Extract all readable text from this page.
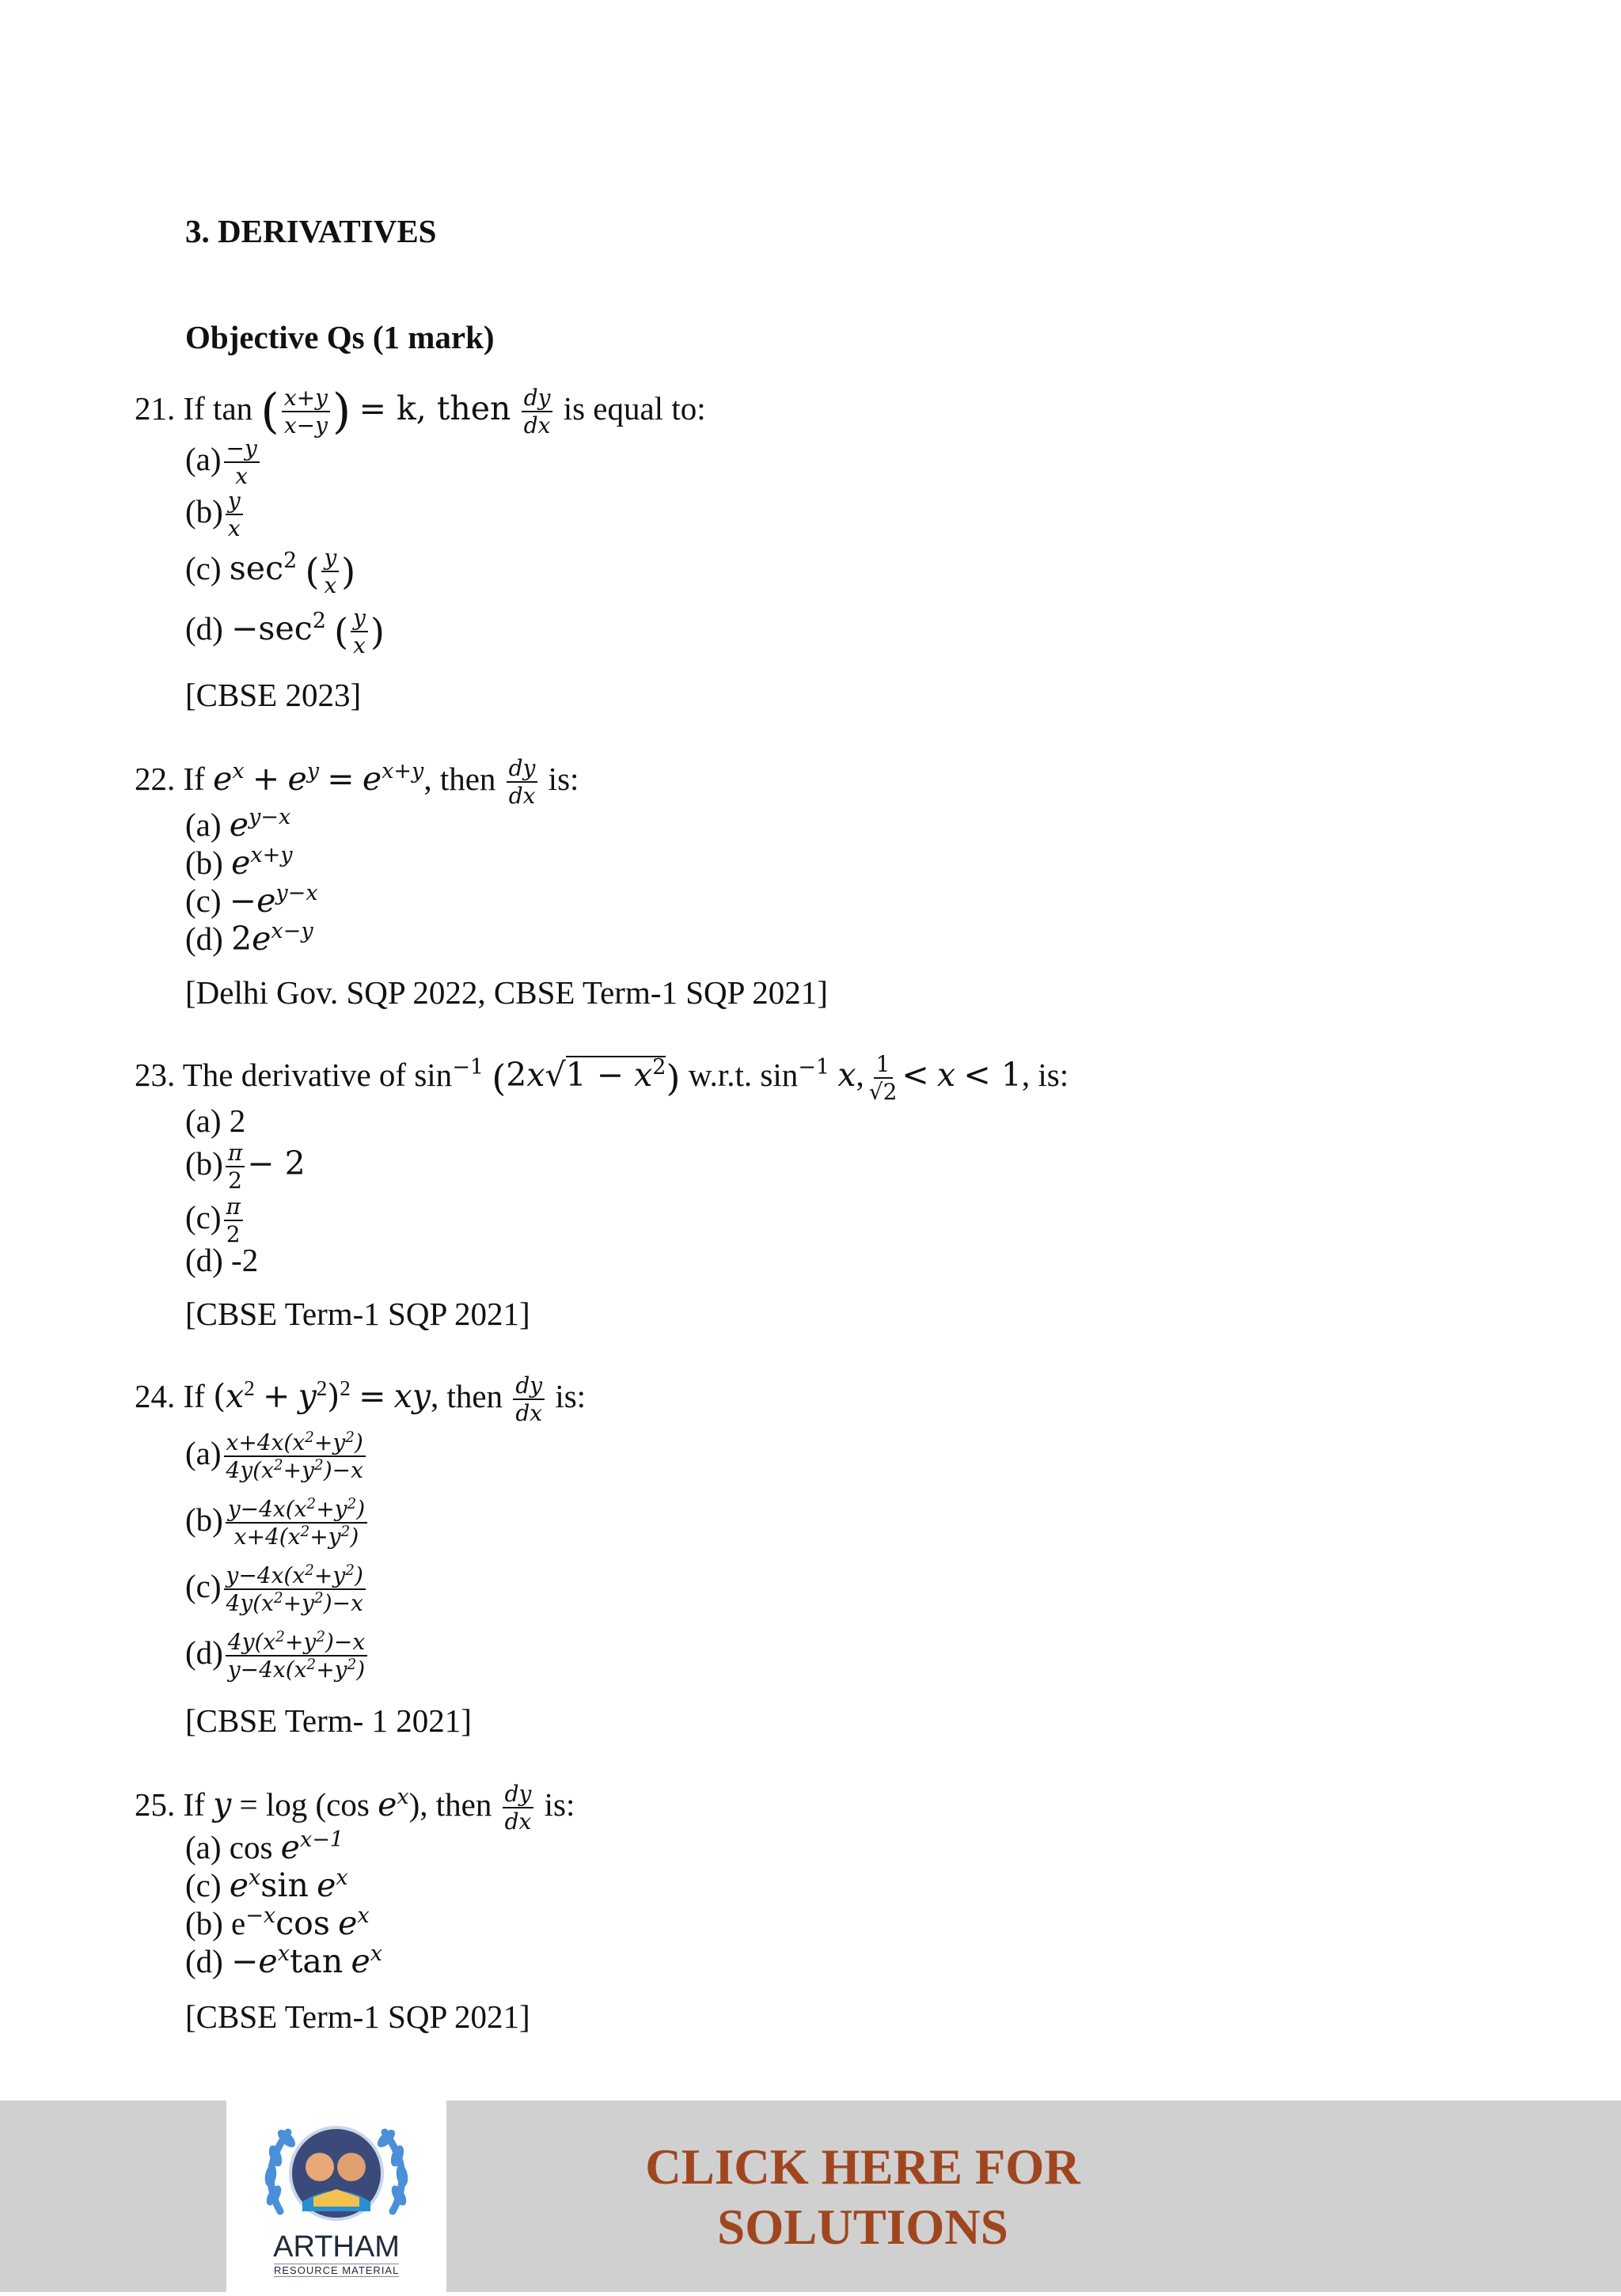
3. DERIVATIVES
Objective Qs (1 mark)
21. If tan ( $\frac{x+y}{x-y}$ ) = k, then $\frac{dy}{dx}$ is equal to:
$(a) \frac{-y}{x}$
$(b) \frac{y}{x}$
(c) $\sec^2$ ( $\frac{y}{x}$ )
$(d) -\sec^2$ ( $\frac{y}{x}$ )
[CBSE 2023]
22. If $e^x + e^y = e^{x+y}$, then $\frac{dy}{dx}$ is:
(a) $e^{y-x}$
(b) $e^{x+y}$
$(c) -e^{y-x}$
(d) $2e^{x-y}$
[Delhi Gov. SQP 2022, CBSE Term-1 SQP 2021]
23. The derivative of $\sin^{-1} (2x√1 - x^2)$ w.r.t. $\sin^{-1} x$, $\frac{1}{√2} < x < 1$, is:
(a) 2
$(b) \frac{\pi}{2} - 2$
$(c) \frac{\pi}{2}$
(d) -2
[CBSE Term-1 SQP 2021]
24. If $(x^2 + y^2)^2$ = xy, then $\frac{dy}{dx}$ is:
$(a) \frac{x+4x(x^2+y^2)}{4y(x^2+y^2)-x}$
$(b) \frac{y-4x(x^2+y^2)}{x+4(x^2+y^2)}$
$(c) \frac{y-4x(x^2+y^2)}{4y(x^2+y^2)-x}$
$(d) \frac{4y(x^2+y^2)-x}{y-4x(x^2+y^2)}$
[CBSE Term- 1 2021]
25. If y = log (cos $e^x$), then $\frac{dy}{dx}$ is:
(a) $\cos e^{x-1}$
(c) $e^x\sin$ $e^x$
(b) $e^{-x}\cos$ $e^x$
$(d) -e^x\tan$ $e^x$
[CBSE Term-1 SQP 2021]
ARTHAM
RESOURCE MATERIAL
CLICK HERE FOR
SOLUTIONS
